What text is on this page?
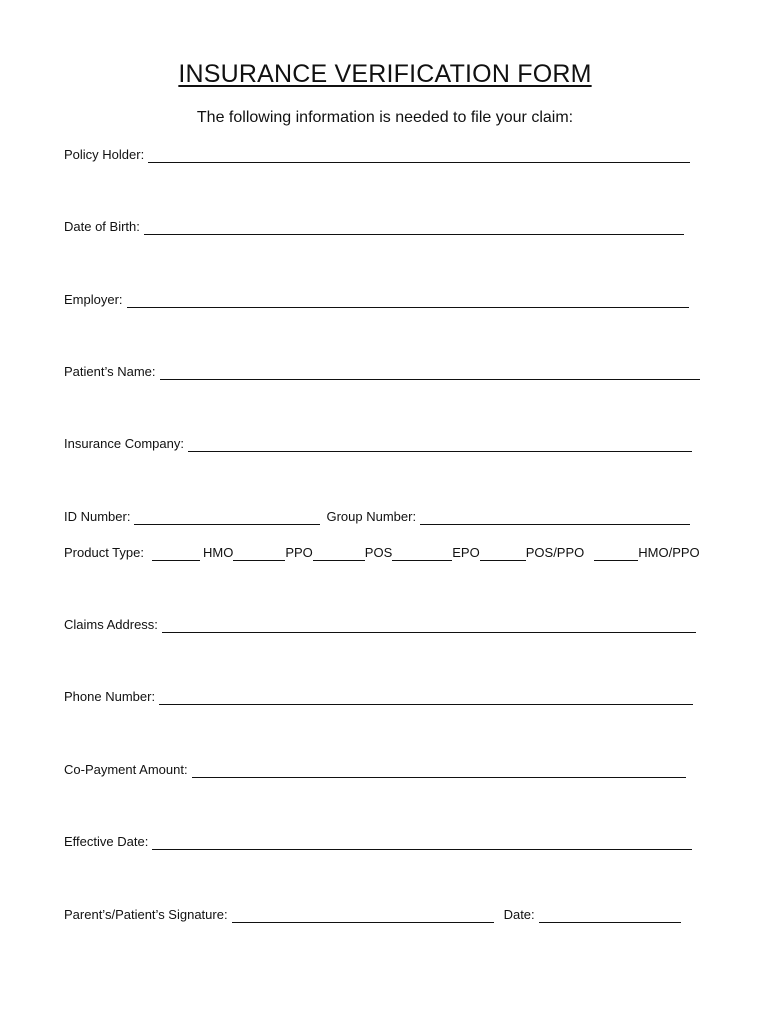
INSURANCE VERIFICATION FORM
The following information is needed to file your claim:
Policy Holder:
Date of Birth:
Employer:
Patient’s Name:
Insurance Company:
ID Number:	Group Number:
Product Type:	HMO	PPO	POS	EPO	POS/PPO	HMO/PPO
Claims Address:
Phone Number:
Co-Payment Amount:
Effective Date:
Parent’s/Patient’s Signature:	Date:
